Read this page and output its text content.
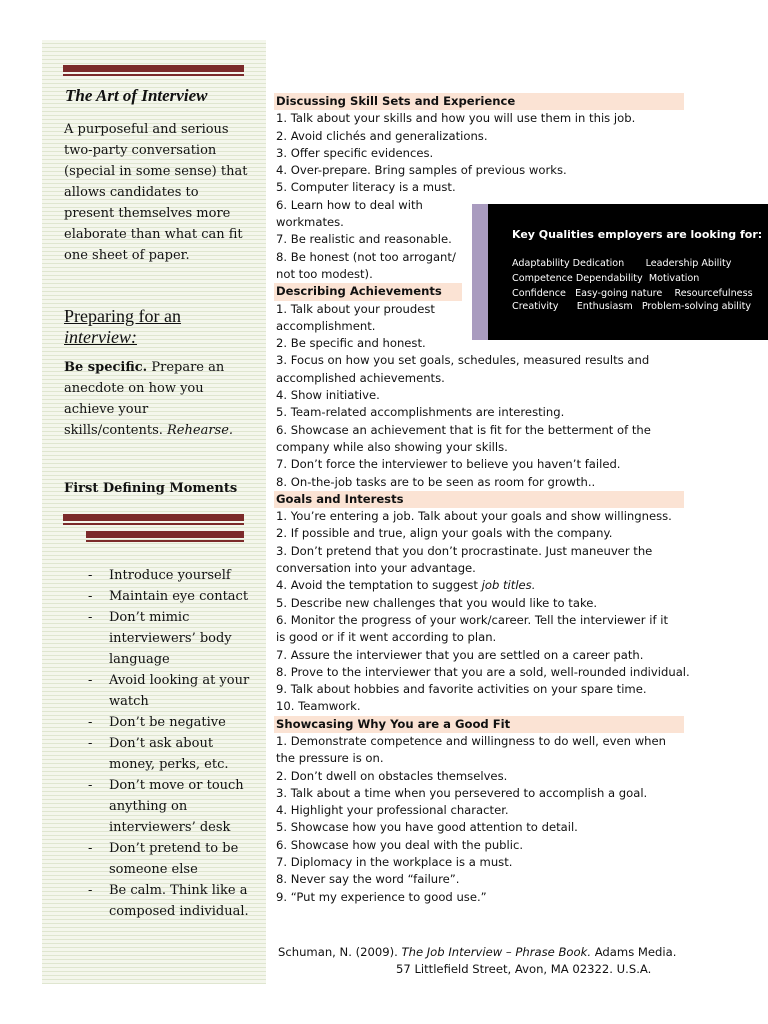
The Art of Interview
A purposeful and serious two-party conversation (special in some sense) that allows candidates to present themselves more elaborate than what can fit one sheet of paper.
Preparing for an
interview:
Be specific. Prepare an anecdote on how you achieve your skills/contents. Rehearse.
First Defining Moments
- Introduce yourself
- Maintain eye contact
- Don’t mimic interviewers’ body language
- Avoid looking at your watch
- Don’t be negative
- Don’t ask about money, perks, etc.
- Don’t move or touch anything on interviewers’ desk
- Don’t pretend to be someone else
- Be calm. Think like a composed individual.
Discussing Skill Sets and Experience
1. Talk about your skills and how you will use them in this job.
2. Avoid clichés and generalizations.
3. Offer specific evidences.
4. Over-prepare. Bring samples of previous works.
5. Computer literacy is a must.
6. Learn how to deal with workmates.
7. Be realistic and reasonable.
8. Be honest (not too arrogant/ not too modest).
Describing Achievements
1. Talk about your proudest accomplishment.
2. Be specific and honest.
3. Focus on how you set goals, schedules, measured results and accomplished achievements.
4. Show initiative.
5. Team-related accomplishments are interesting.
6. Showcase an achievement that is fit for the betterment of the company while also showing your skills.
7. Don’t force the interviewer to believe you haven’t failed.
8. On-the-job tasks are to be seen as room for growth..
Goals and Interests
1. You’re entering a job. Talk about your goals and show willingness.
2. If possible and true, align your goals with the company.
3. Don’t pretend that you don’t procrastinate. Just maneuver the conversation into your advantage.
4. Avoid the temptation to suggest job titles.
5. Describe new challenges that you would like to take.
6. Monitor the progress of your work/career. Tell the interviewer if it is good or if it went according to plan.
7. Assure the interviewer that you are settled on a career path.
8. Prove to the interviewer that you are a sold, well-rounded individual.
9. Talk about hobbies and favorite activities on your spare time.
10. Teamwork.
Showcasing Why You are a Good Fit
1. Demonstrate competence and willingness to do well, even when the pressure is on.
2. Don’t dwell on obstacles themselves.
3. Talk about a time when you persevered to accomplish a goal.
4. Highlight your professional character.
5. Showcase how you have good attention to detail.
6. Showcase how you deal with the public.
7. Diplomacy in the workplace is a must.
8. Never say the word “failure”.
9. “Put my experience to good use.”
Key Qualities employers are looking for:
Adaptability Dedication       Leadership Ability
Competence Dependability  Motivation
Confidence   Easy-going nature    Resourcefulness
Creativity      Enthusiasm   Problem-solving ability
Schuman, N. (2009). The Job Interview – Phrase Book. Adams Media.
57 Littlefield Street, Avon, MA 02322. U.S.A.
